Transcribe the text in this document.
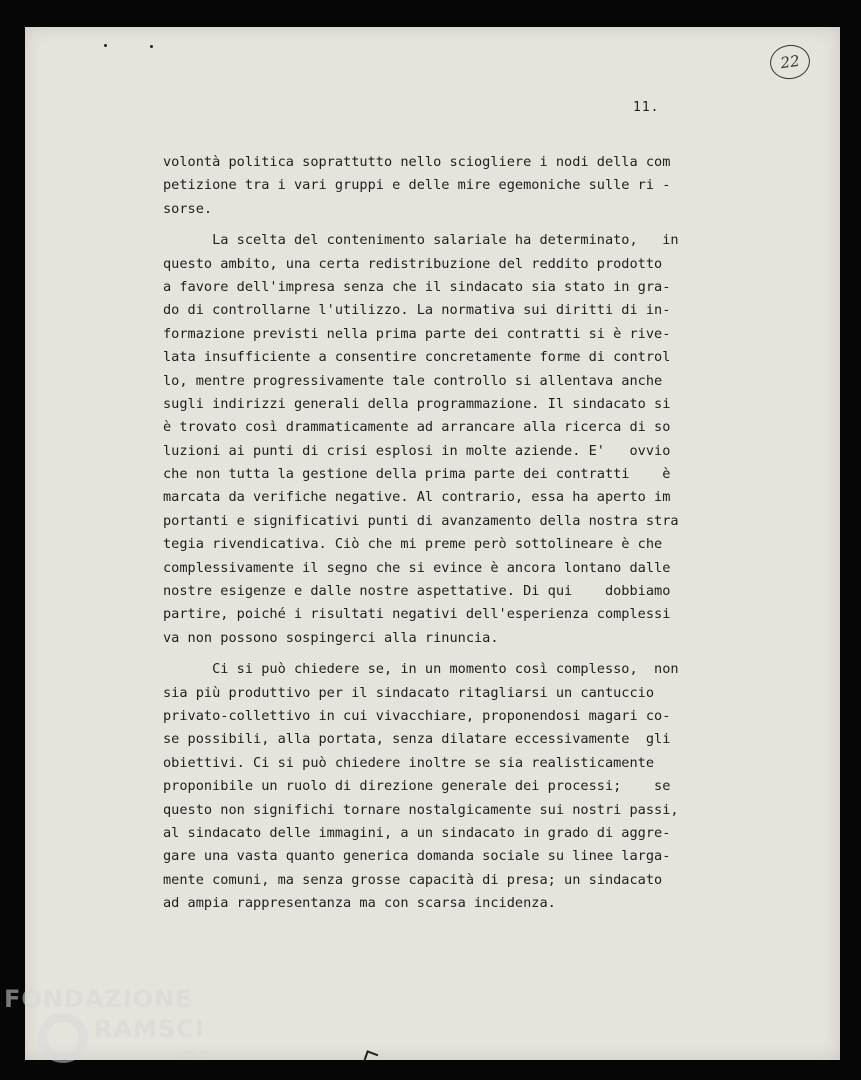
22
11.
volontà politica soprattutto nello sciogliere i nodi della com
petizione tra i vari gruppi e delle mire egemoniche sulle ri -
sorse.
La scelta del contenimento salariale ha determinato,   in
questo ambito, una certa redistribuzione del reddito prodotto
a favore dell'impresa senza che il sindacato sia stato in gra-
do di controllarne l'utilizzo. La normativa sui diritti di in-
formazione previsti nella prima parte dei contratti si è rive-
lata insufficiente a consentire concretamente forme di control
lo, mentre progressivamente tale controllo si allentava anche
sugli indirizzi generali della programmazione. Il sindacato si
è trovato così drammaticamente ad arrancare alla ricerca di so
luzioni ai punti di crisi esplosi in molte aziende. E'   ovvio
che non tutta la gestione della prima parte dei contratti    è
marcata da verifiche negative. Al contrario, essa ha aperto im
portanti e significativi punti di avanzamento della nostra stra
tegia rivendicativa. Ciò che mi preme però sottolineare è che
complessivamente il segno che si evince è ancora lontano dalle
nostre esigenze e dalle nostre aspettative. Di qui    dobbiamo
partire, poiché i risultati negativi dell'esperienza complessi
va non possono sospingerci alla rinuncia.
Ci si può chiedere se, in un momento così complesso,  non
sia più produttivo per il sindacato ritagliarsi un cantuccio
privato-collettivo in cui vivacchiare, proponendosi magari co-
se possibili, alla portata, senza dilatare eccessivamente  gli
obiettivi. Ci si può chiedere inoltre se sia realisticamente
proponibile un ruolo di direzione generale dei processi;    se
questo non significhi tornare nostalgicamente sui nostri passi,
al sindacato delle immagini, a un sindacato in grado di aggre-
gare una vasta quanto generica domanda sociale su linee larga-
mente comuni, ma senza grosse capacità di presa; un sindacato
ad ampia rappresentanza ma con scarsa incidenza.
FONDAZIONE
RAMSCI
onlus
